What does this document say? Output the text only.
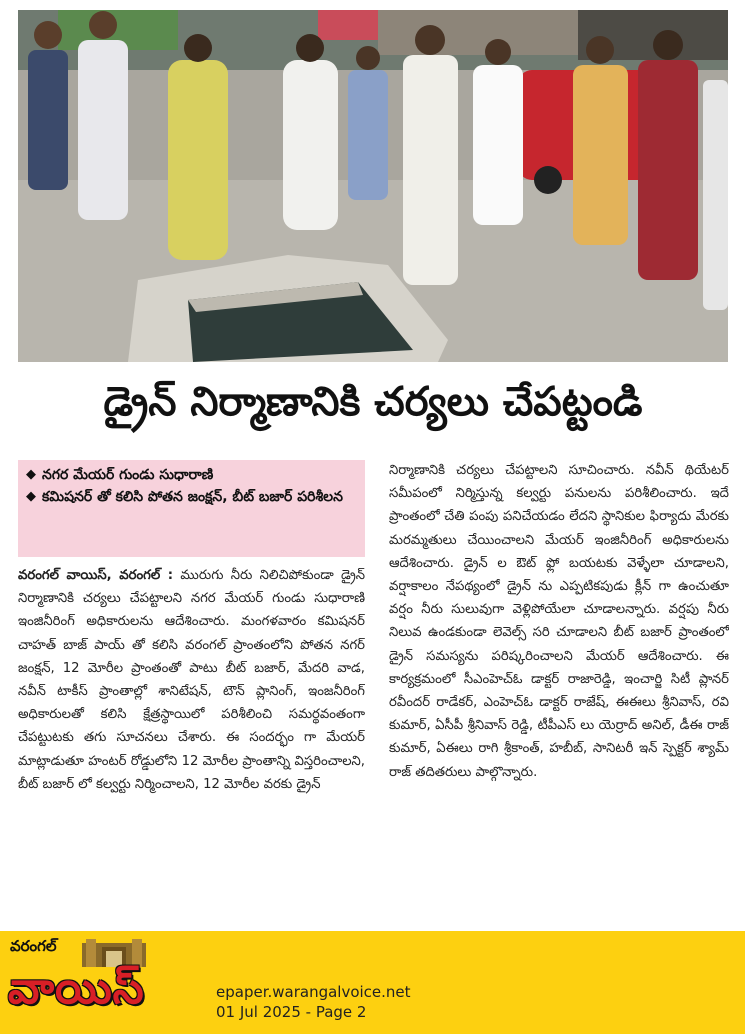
డ్రైన్ నిర్మాణానికి చర్యలు చేపట్టండి
◆ నగర మేయర్ గుండు సుధారాణి
◆ కమిషనర్ తో కలిసి పోతన జంక్షన్, బీట్ బజార్ పరిశీలన
వరంగల్ వాయిస్, వరంగల్ : మురుగు నీరు నిలిచిపోకుండా డ్రైన్ నిర్మాణానికి చర్యలు చేపట్టాలని నగర మేయర్ గుండు సుధారాణి ఇంజినీరింగ్ అధికారులను ఆదేశించారు. మంగళవారం కమిషనర్ చాహత్ బాజ్ పాయ్ తో కలిసి వరంగల్ ప్రాంతంలోని పోతన నగర్ జంక్షన్, 12 మోరీల ప్రాంతంతో పాటు బీట్ బజార్, మేదరి వాడ, నవీన్ టాకీస్ ప్రాంతాల్లో శానిటేషన్, టౌన్ ప్లానింగ్, ఇంజనీరింగ్ అధికారులతో కలిసి క్షేత్రస్థాయిలో పరిశీలించి సమర్థవంతంగా చేపట్టుటకు తగు సూచనలు చేశారు. ఈ సందర్భం గా మేయర్ మాట్లాడుతూ హంటర్ రోడ్డులోని 12 మోరీల ప్రాంతాన్ని విస్తరించాలని, బీట్ బజార్ లో కల్వర్టు నిర్మించాలని, 12 మోరీల వరకు డ్రైన్
నిర్మాణానికి చర్యలు చేపట్టాలని సూచించారు. నవీన్ థియేటర్ సమీపంలో నిర్మిస్తున్న కల్వర్టు పనులను పరిశీలించారు. ఇదే ప్రాంతంలో చేతి పంపు పనిచేయడం లేదని స్థానికుల ఫిర్యాదు మేరకు మరమ్మతులు చేయించాలని మేయర్ ఇంజినీరింగ్ అధికారులను ఆదేశించారు. డ్రైన్ ల ఔట్ ఫ్లో బయటకు వెళ్ళేలా చూడాలని, వర్షాకాలం నేపథ్యంలో డ్రైన్ ను ఎప్పటికపుడు క్లీన్ గా ఉంచుతూ వర్షం నీరు సులువుగా వెళ్లిపోయేలా చూడాలన్నారు. వర్షపు నీరు నిలువ ఉండకుండా లెవెల్స్ సరి చూడాలని బీట్ బజార్ ప్రాంతంలో డ్రైన్ సమస్యను పరిష్కరించాలని మేయర్ ఆదేశించారు. ఈ కార్యక్రమంలో సీఎంహెచ్ఓ డాక్టర్ రాజారెడ్డి, ఇంచార్జి సిటీ ప్లానర్ రవీందర్ రాడేకర్, ఎంహెచ్ఓ డాక్టర్ రాజేష్, ఈఈలు శ్రీనివాస్, రవి కుమార్, ఏసీపీ శ్రీనివాస్ రెడ్డి, టీపీఎస్ లు యెర్రాద్ అనిల్, డీఈ రాజ్ కుమార్, ఏఈలు రాగి శ్రీకాంత్, హబీబ్, సానిటరీ ఇన్ స్పెక్టర్ శ్యామ్ రాజ్ తదితరులు పాల్గొన్నారు.
వరంగల్
వాయిస్	epaper.warangalvoice.net
01 Jul 2025 - Page 2
